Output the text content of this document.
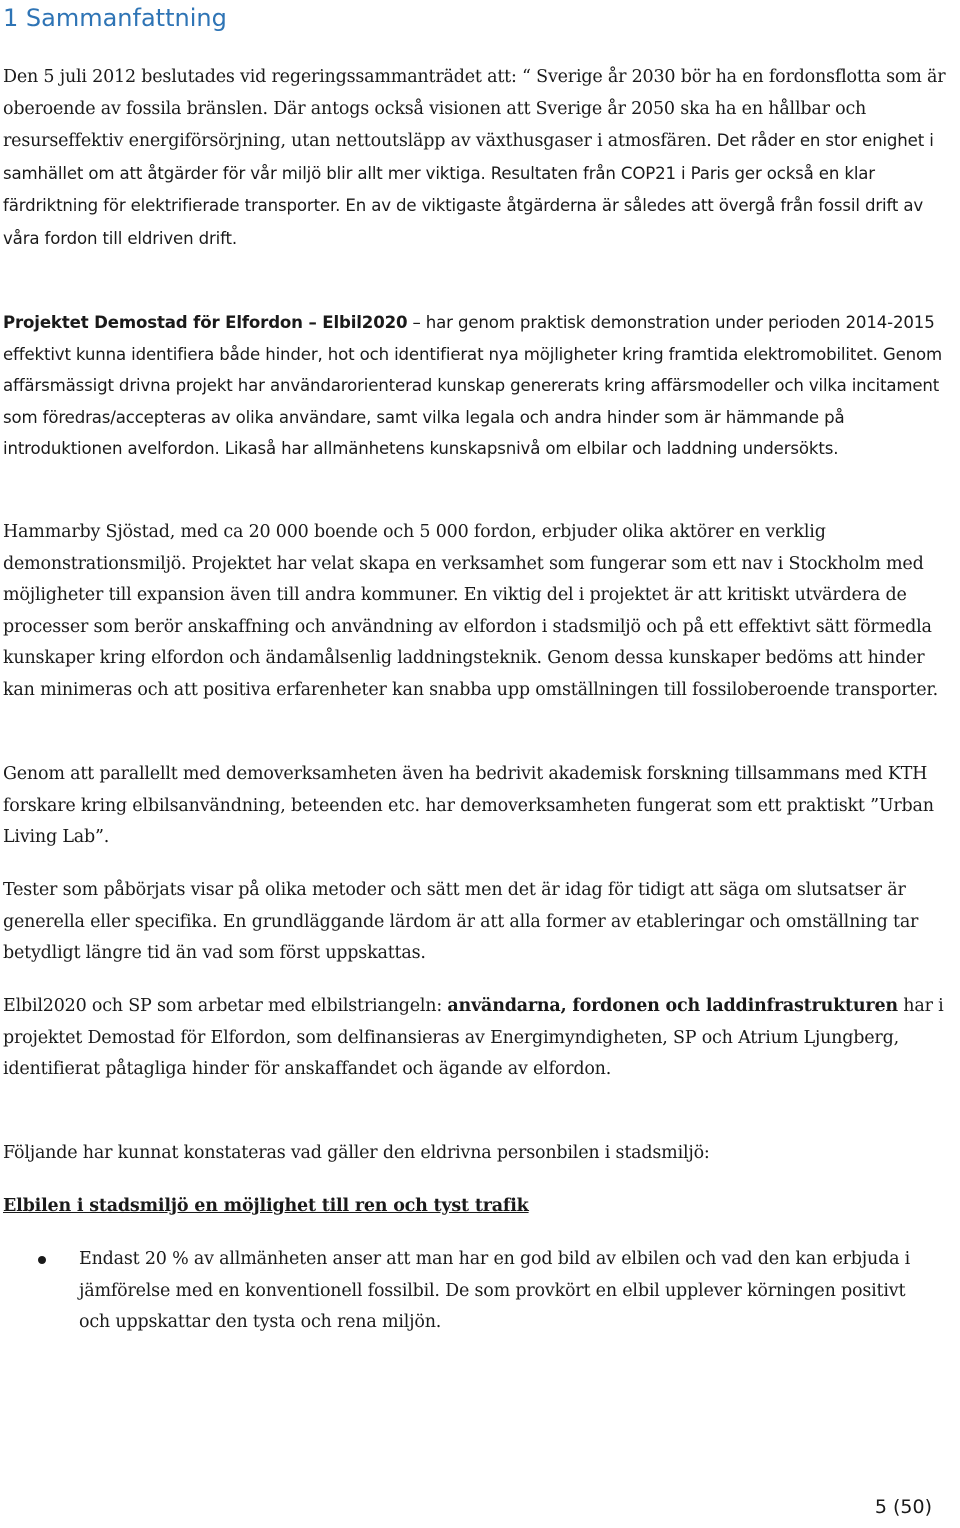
1 Sammanfattning

Den 5 juli 2012 beslutades vid regeringssammanträdet att: “ Sverige år 2030 bör ha en fordonsflotta som är oberoende av fossila bränslen. Där antogs också visionen att Sverige år 2050 ska ha en hållbar och resurseffektiv energiförsörjning, utan nettoutsläpp av växthusgaser i atmosfären. Det råder en stor enighet i samhället om att åtgärder för vår miljö blir allt mer viktiga. Resultaten från COP21 i Paris ger också en klar färdriktning för elektrifierade transporter. En av de viktigaste åtgärderna är således att övergå från fossil drift av våra fordon till eldriven drift.

Projektet Demostad för Elfordon – Elbil2020 – har genom praktisk demonstration under perioden 2014-2015 effektivt kunna identifiera både hinder, hot och identifierat nya möjligheter kring framtida elektromobilitet. Genom affärsmässigt drivna projekt har användarorienterad kunskap genererats kring affärsmodeller och vilka incitament som föredras/accepteras av olika användare, samt vilka legala och andra hinder som är hämmande på introduktionen avelfordon. Likaså har allmänhetens kunskapsnivå om elbilar och laddning undersökts.

Hammarby Sjöstad, med ca 20 000 boende och 5 000 fordon, erbjuder olika aktörer en verklig demonstrationsmiljö. Projektet har velat skapa en verksamhet som fungerar som ett nav i Stockholm med möjligheter till expansion även till andra kommuner. En viktig del i projektet är att kritiskt utvärdera de processer som berör anskaffning och användning av elfordon i stadsmiljö och på ett effektivt sätt förmedla kunskaper kring elfordon och ändamålsenlig laddningsteknik. Genom dessa kunskaper bedöms att hinder kan minimeras och att positiva erfarenheter kan snabba upp omställningen till fossiloberoende transporter.

Genom att parallellt med demoverksamheten även ha bedrivit akademisk forskning tillsammans med KTH forskare kring elbilsanvändning, beteenden etc. har demoverksamheten fungerat som ett praktiskt ”Urban Living Lab”.

Tester som påbörjats visar på olika metoder och sätt men det är idag för tidigt att säga om slutsatser är generella eller specifika. En grundläggande lärdom är att alla former av etableringar och omställning tar betydligt längre tid än vad som först uppskattas.

Elbil2020 och SP som arbetar med elbilstriangeln: användarna, fordonen och laddinfrastrukturen har i projektet Demostad för Elfordon, som delfinansieras av Energimyndigheten, SP och Atrium Ljungberg, identifierat påtagliga hinder för anskaffandet och ägande av elfordon.

Följande har kunnat konstateras vad gäller den eldrivna personbilen i stadsmiljö:

Elbilen i stadsmiljö en möjlighet till ren och tyst trafik

Endast 20 % av allmänheten anser att man har en god bild av elbilen och vad den kan erbjuda i jämförelse med en konventionell fossilbil. De som provkört en elbil upplever körningen positivt och uppskattar den tysta och rena miljön.
5 (50)
